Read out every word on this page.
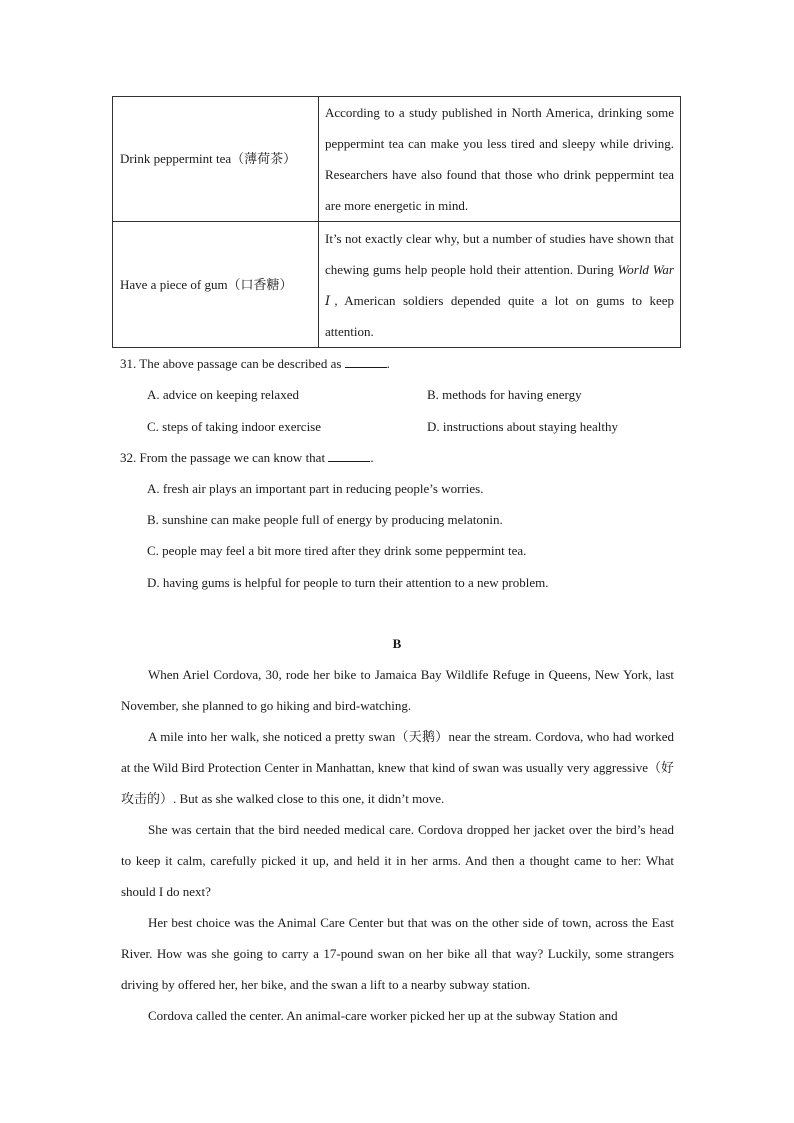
Drink peppermint tea（薄荷茶）	According to a study published in North America, drinking some peppermint tea can make you less tired and sleepy while driving. Researchers have also found that those who drink peppermint tea are more energetic in mind.
Have a piece of gum（口香糖）	It’s not exactly clear why, but a number of studies have shown that chewing gums help people hold their attention. During World War Ⅰ, American soldiers depended quite a lot on gums to keep attention.
31. The above passage can be described as	.
A. advice on keeping relaxed	B. methods for having energy
C. steps of taking indoor exercise	D. instructions about staying healthy
32. From the passage we can know that	.
A. fresh air plays an important part in reducing people’s worries.
B. sunshine can make people full of energy by producing melatonin.
C. people may feel a bit more tired after they drink some peppermint tea.
D. having gums is helpful for people to turn their attention to a new problem.
B

When Ariel Cordova, 30, rode her bike to Jamaica Bay Wildlife Refuge in Queens, New York, last November, she planned to go hiking and bird-watching.

A mile into her walk, she noticed a pretty swan（天鹅）near the stream. Cordova, who had worked at the Wild Bird Protection Center in Manhattan, knew that kind of swan was usually very aggressive（好攻击的）. But as she walked close to this one, it didn’t move.

She was certain that the bird needed medical care. Cordova dropped her jacket over the bird’s head to keep it calm, carefully picked it up, and held it in her arms. And then a thought came to her: What should I do next?

Her best choice was the Animal Care Center but that was on the other side of town, across the East River. How was she going to carry a 17-pound swan on her bike all that way? Luckily, some strangers driving by offered her, her bike, and the swan a lift to a nearby subway station.

Cordova called the center. An animal-care worker picked her up at the subway Station and
